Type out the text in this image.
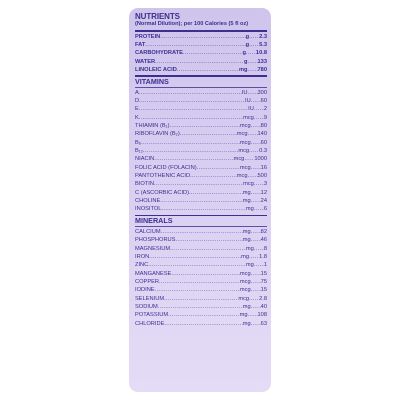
NUTRIENTS
(Normal Dilution); per 100 Calories (5 fl oz)
PROTEIN .....	g ..... 2.3
FAT .....	g ..... 5.3
CARBOHYDRATE .....	g ..... 10.8
WATER .....	g ..... 133
LINOLEIC ACID .....	mg ..... 780
VITAMINS
A .....	IU ..... 300
D .....	IU ..... 60
E .....	IU ..... 2
K .....	mcg ..... 9
THIAMIN (B₁) .....	mcg ..... 80
RIBOFLAVIN (B₂) .....	mcg ..... 140
B₆ .....	mcg ..... 60
B₁₂ .....	mcg ..... 0.3
NIACIN .....	mcg ..... 1000
FOLIC ACID (FOLACIN) .....	mcg ..... 16
PANTOTHENIC ACID .....	mcg ..... 500
BIOTIN .....	mcg ..... 3
C (ASCORBIC ACID) .....	mg ..... 12
CHOLINE .....	mg ..... 24
INOSITOL .....	mg ..... 6
MINERALS
CALCIUM .....	mg ..... 82
PHOSPHORUS .....	mg ..... 46
MAGNESIUM .....	mg ..... 8
IRON .....	mg ..... 1.8
ZINC .....	mg ..... 1
MANGANESE .....	mcg ..... 15
COPPER .....	mcg ..... 75
IODINE .....	mcg ..... 15
SELENIUM .....	mcg ..... 2.8
SODIUM .....	mg ..... 40
POTASSIUM .....	mg ..... 108
CHLORIDE .....	mg ..... 63
